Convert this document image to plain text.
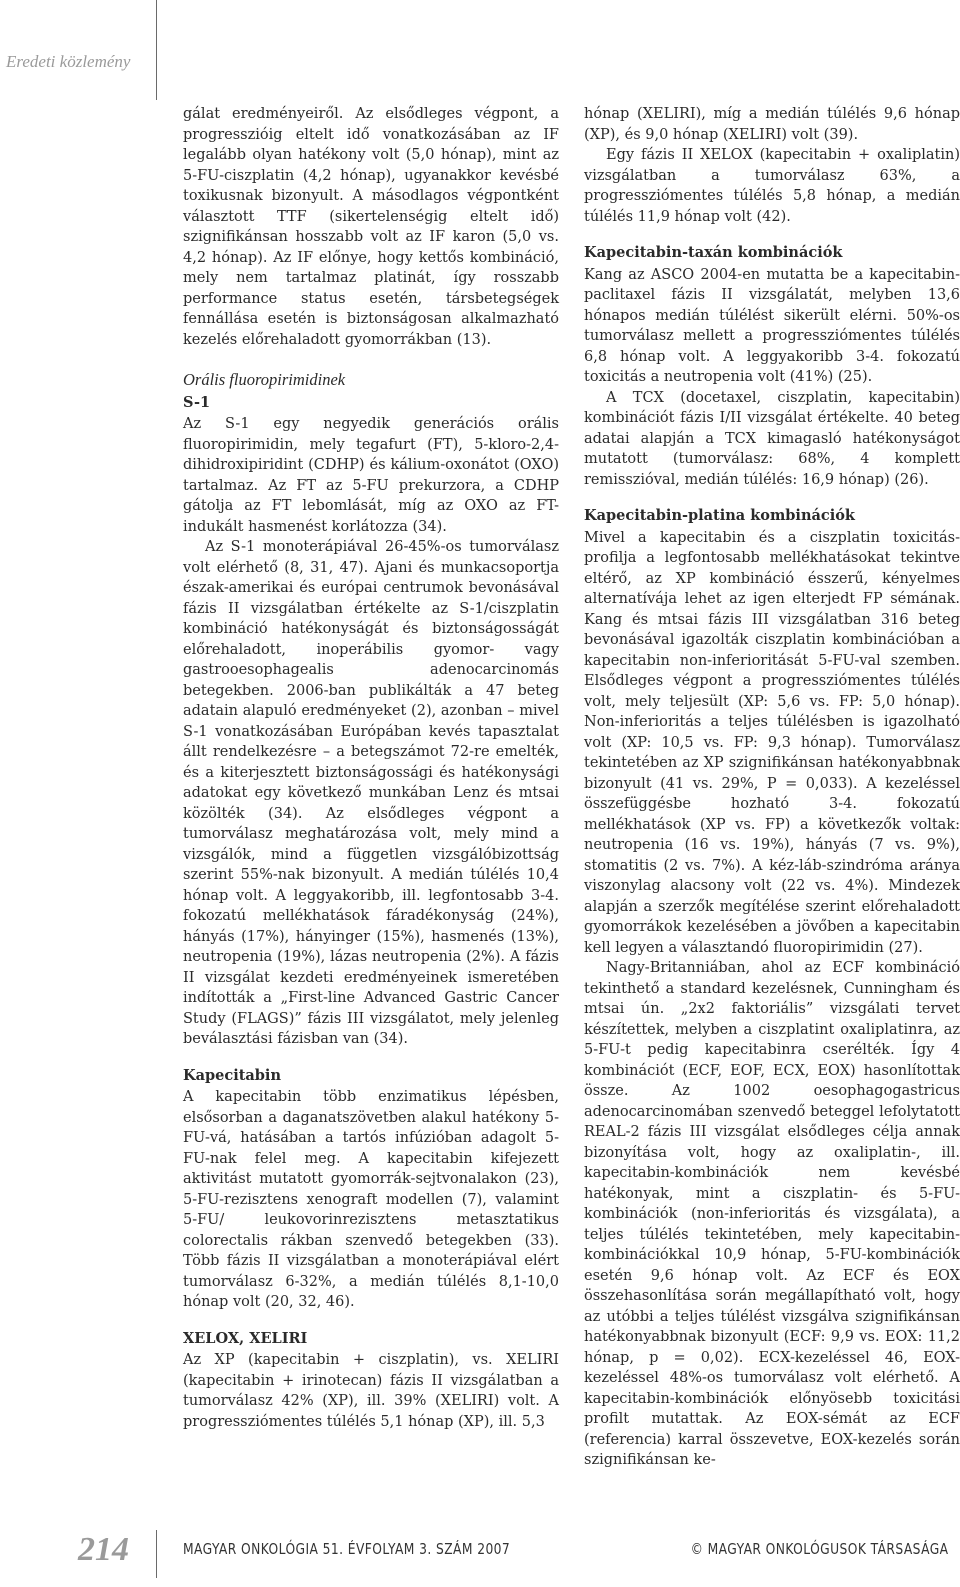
Eredeti közlemény

gálat eredményeiről. Az elsődleges végpont, a progresszióig eltelt idő vonatkozásában az IF legalább olyan hatékony volt (5,0 hónap), mint az 5-FU-ciszplatin (4,2 hónap), ugyanakkor kevésbé toxikusnak bizonyult. A másodlagos végpontként választott TTF (sikertelenségig eltelt idő) szignifikánsan hosszabb volt az IF karon (5,0 vs. 4,2 hónap). Az IF előnye, hogy kettős kombináció, mely nem tartalmaz platinát, így rosszabb performance status esetén, társbetegségek fennállása esetén is biztonságosan alkalmazható kezelés előrehaladott gyomorrákban (13).

Orális fluoropirimidinek
S-1

Az S-1 egy negyedik generációs orális fluoropirimidin, mely tegafurt (FT), 5-kloro-2,4-dihidroxipiridint (CDHP) és kálium-oxonátot (OXO) tartalmaz. Az FT az 5-FU prekurzora, a CDHP gátolja az FT lebomlását, míg az OXO az FT-indukált hasmenést korlátozza (34).

Az S-1 monoterápiával 26-45%-os tumorválasz volt elérhető (8, 31, 47). Ajani és munkacsoportja észak-amerikai és európai centrumok bevonásával fázis II vizsgálatban értékelte az S-1/ciszplatin kombináció hatékonyságát és biztonságosságát előrehaladott, inoperábilis gyomor- vagy gastrooesophagealis adenocarcinomás betegekben. 2006-ban publikálták a 47 beteg adatain alapuló eredményeket (2), azonban – mivel S-1 vonatkozásában Európában kevés tapasztalat állt rendelkezésre – a betegszámot 72-re emelték, és a kiterjesztett biztonságossági és hatékonysági adatokat egy következő munkában Lenz és mtsai közölték (34). Az elsődleges végpont a tumorválasz meghatározása volt, mely mind a vizsgálók, mind a független vizsgálóbizottság szerint 55%-nak bizonyult. A medián túlélés 10,4 hónap volt. A leggyakoribb, ill. legfontosabb 3-4. fokozatú mellékhatások fáradékonyság (24%), hányás (17%), hányinger (15%), hasmenés (13%), neutropenia (19%), lázas neutropenia (2%). A fázis II vizsgálat kezdeti eredményeinek ismeretében indították a „First-line Advanced Gastric Cancer Study (FLAGS)” fázis III vizsgálatot, mely jelenleg beválasztási fázisban van (34).

Kapecitabin

A kapecitabin több enzimatikus lépésben, elsősorban a daganatszövetben alakul hatékony 5-FU-vá, hatásában a tartós infúzióban adagolt 5-FU-nak felel meg. A kapecitabin kifejezett aktivitást mutatott gyomorrák-sejtvonalakon (23), 5-FU-rezisztens xenograft modellen (7), valamint 5-FU/ leukovorinrezisztens metasztatikus colorectalis rákban szenvedő betegekben (33). Több fázis II vizsgálatban a monoterápiával elért tumorválasz 6-32%, a medián túlélés 8,1-10,0 hónap volt (20, 32, 46).

XELOX, XELIRI

Az XP (kapecitabin + ciszplatin), vs. XELIRI (kapecitabin + irinotecan) fázis II vizsgálatban a tumorválasz 42% (XP), ill. 39% (XELIRI) volt. A progressziómentes túlélés 5,1 hónap (XP), ill. 5,3

hónap (XELIRI), míg a medián túlélés 9,6 hónap (XP), és 9,0 hónap (XELIRI) volt (39).

Egy fázis II XELOX (kapecitabin + oxaliplatin) vizsgálatban a tumorválasz 63%, a progressziómentes túlélés 5,8 hónap, a medián túlélés 11,9 hónap volt (42).

Kapecitabin-taxán kombinációk

Kang az ASCO 2004-en mutatta be a kapecitabin-paclitaxel fázis II vizsgálatát, melyben 13,6 hónapos medián túlélést sikerült elérni. 50%-os tumorválasz mellett a progressziómentes túlélés 6,8 hónap volt. A leggyakoribb 3-4. fokozatú toxicitás a neutropenia volt (41%) (25).

A TCX (docetaxel, ciszplatin, kapecitabin) kombinációt fázis I/II vizsgálat értékelte. 40 beteg adatai alapján a TCX kimagasló hatékonyságot mutatott (tumorválasz: 68%, 4 komplett remisszióval, medián túlélés: 16,9 hónap) (26).

Kapecitabin-platina kombinációk

Mivel a kapecitabin és a ciszplatin toxicitás-profilja a legfontosabb mellékhatásokat tekintve eltérő, az XP kombináció ésszerű, kényelmes alternatívája lehet az igen elterjedt FP sémának. Kang és mtsai fázis III vizsgálatban 316 beteg bevonásával igazolták ciszplatin kombinációban a kapecitabin non-inferioritását 5-FU-val szemben. Elsődleges végpont a progressziómentes túlélés volt, mely teljesült (XP: 5,6 vs. FP: 5,0 hónap). Non-inferioritás a teljes túlélésben is igazolható volt (XP: 10,5 vs. FP: 9,3 hónap). Tumorválasz tekintetében az XP szignifikánsan hatékonyabbnak bizonyult (41 vs. 29%, P = 0,033). A kezeléssel összefüggésbe hozható 3-4. fokozatú mellékhatások (XP vs. FP) a következők voltak: neutropenia (16 vs. 19%), hányás (7 vs. 9%), stomatitis (2 vs. 7%). A kéz-láb-szindróma aránya viszonylag alacsony volt (22 vs. 4%). Mindezek alapján a szerzők megítélése szerint előrehaladott gyomorrákok kezelésében a jövőben a kapecitabin kell legyen a választandó fluoropirimidin (27).

Nagy-Britanniában, ahol az ECF kombináció tekinthető a standard kezelésnek, Cunningham és mtsai ún. „2x2 faktoriális” vizsgálati tervet készítettek, melyben a ciszplatint oxaliplatinra, az 5-FU-t pedig kapecitabinra cserélték. Így 4 kombinációt (ECF, EOF, ECX, EOX) hasonlítottak össze. Az 1002 oesophagogastricus adenocarcinomában szenvedő beteggel lefolytatott REAL-2 fázis III vizsgálat elsődleges célja annak bizonyítása volt, hogy az oxaliplatin-, ill. kapecitabin-kombinációk nem kevésbé hatékonyak, mint a ciszplatin- és 5-FU-kombinációk (non-inferioritás és vizsgálata), a teljes túlélés tekintetében, mely kapecitabin-kombinációkkal 10,9 hónap, 5-FU-kombinációk esetén 9,6 hónap volt. Az ECF és EOX összehasonlítása során megállapítható volt, hogy az utóbbi a teljes túlélést vizsgálva szignifikánsan hatékonyabbnak bizonyult (ECF: 9,9 vs. EOX: 11,2 hónap, p = 0,02). ECX-kezeléssel 46, EOX-kezeléssel 48%-os tumorválasz volt elérhető. A kapecitabin-kombinációk előnyösebb toxicitási profilt mutattak. Az EOX-sémát az ECF (referencia) karral összevetve, EOX-kezelés során szignifikánsan ke-

214	MAGYAR ONKOLÓGIA 51. ÉVFOLYAM 3. SZÁM 2007	© MAGYAR ONKOLÓGUSOK TÁRSASÁGA
